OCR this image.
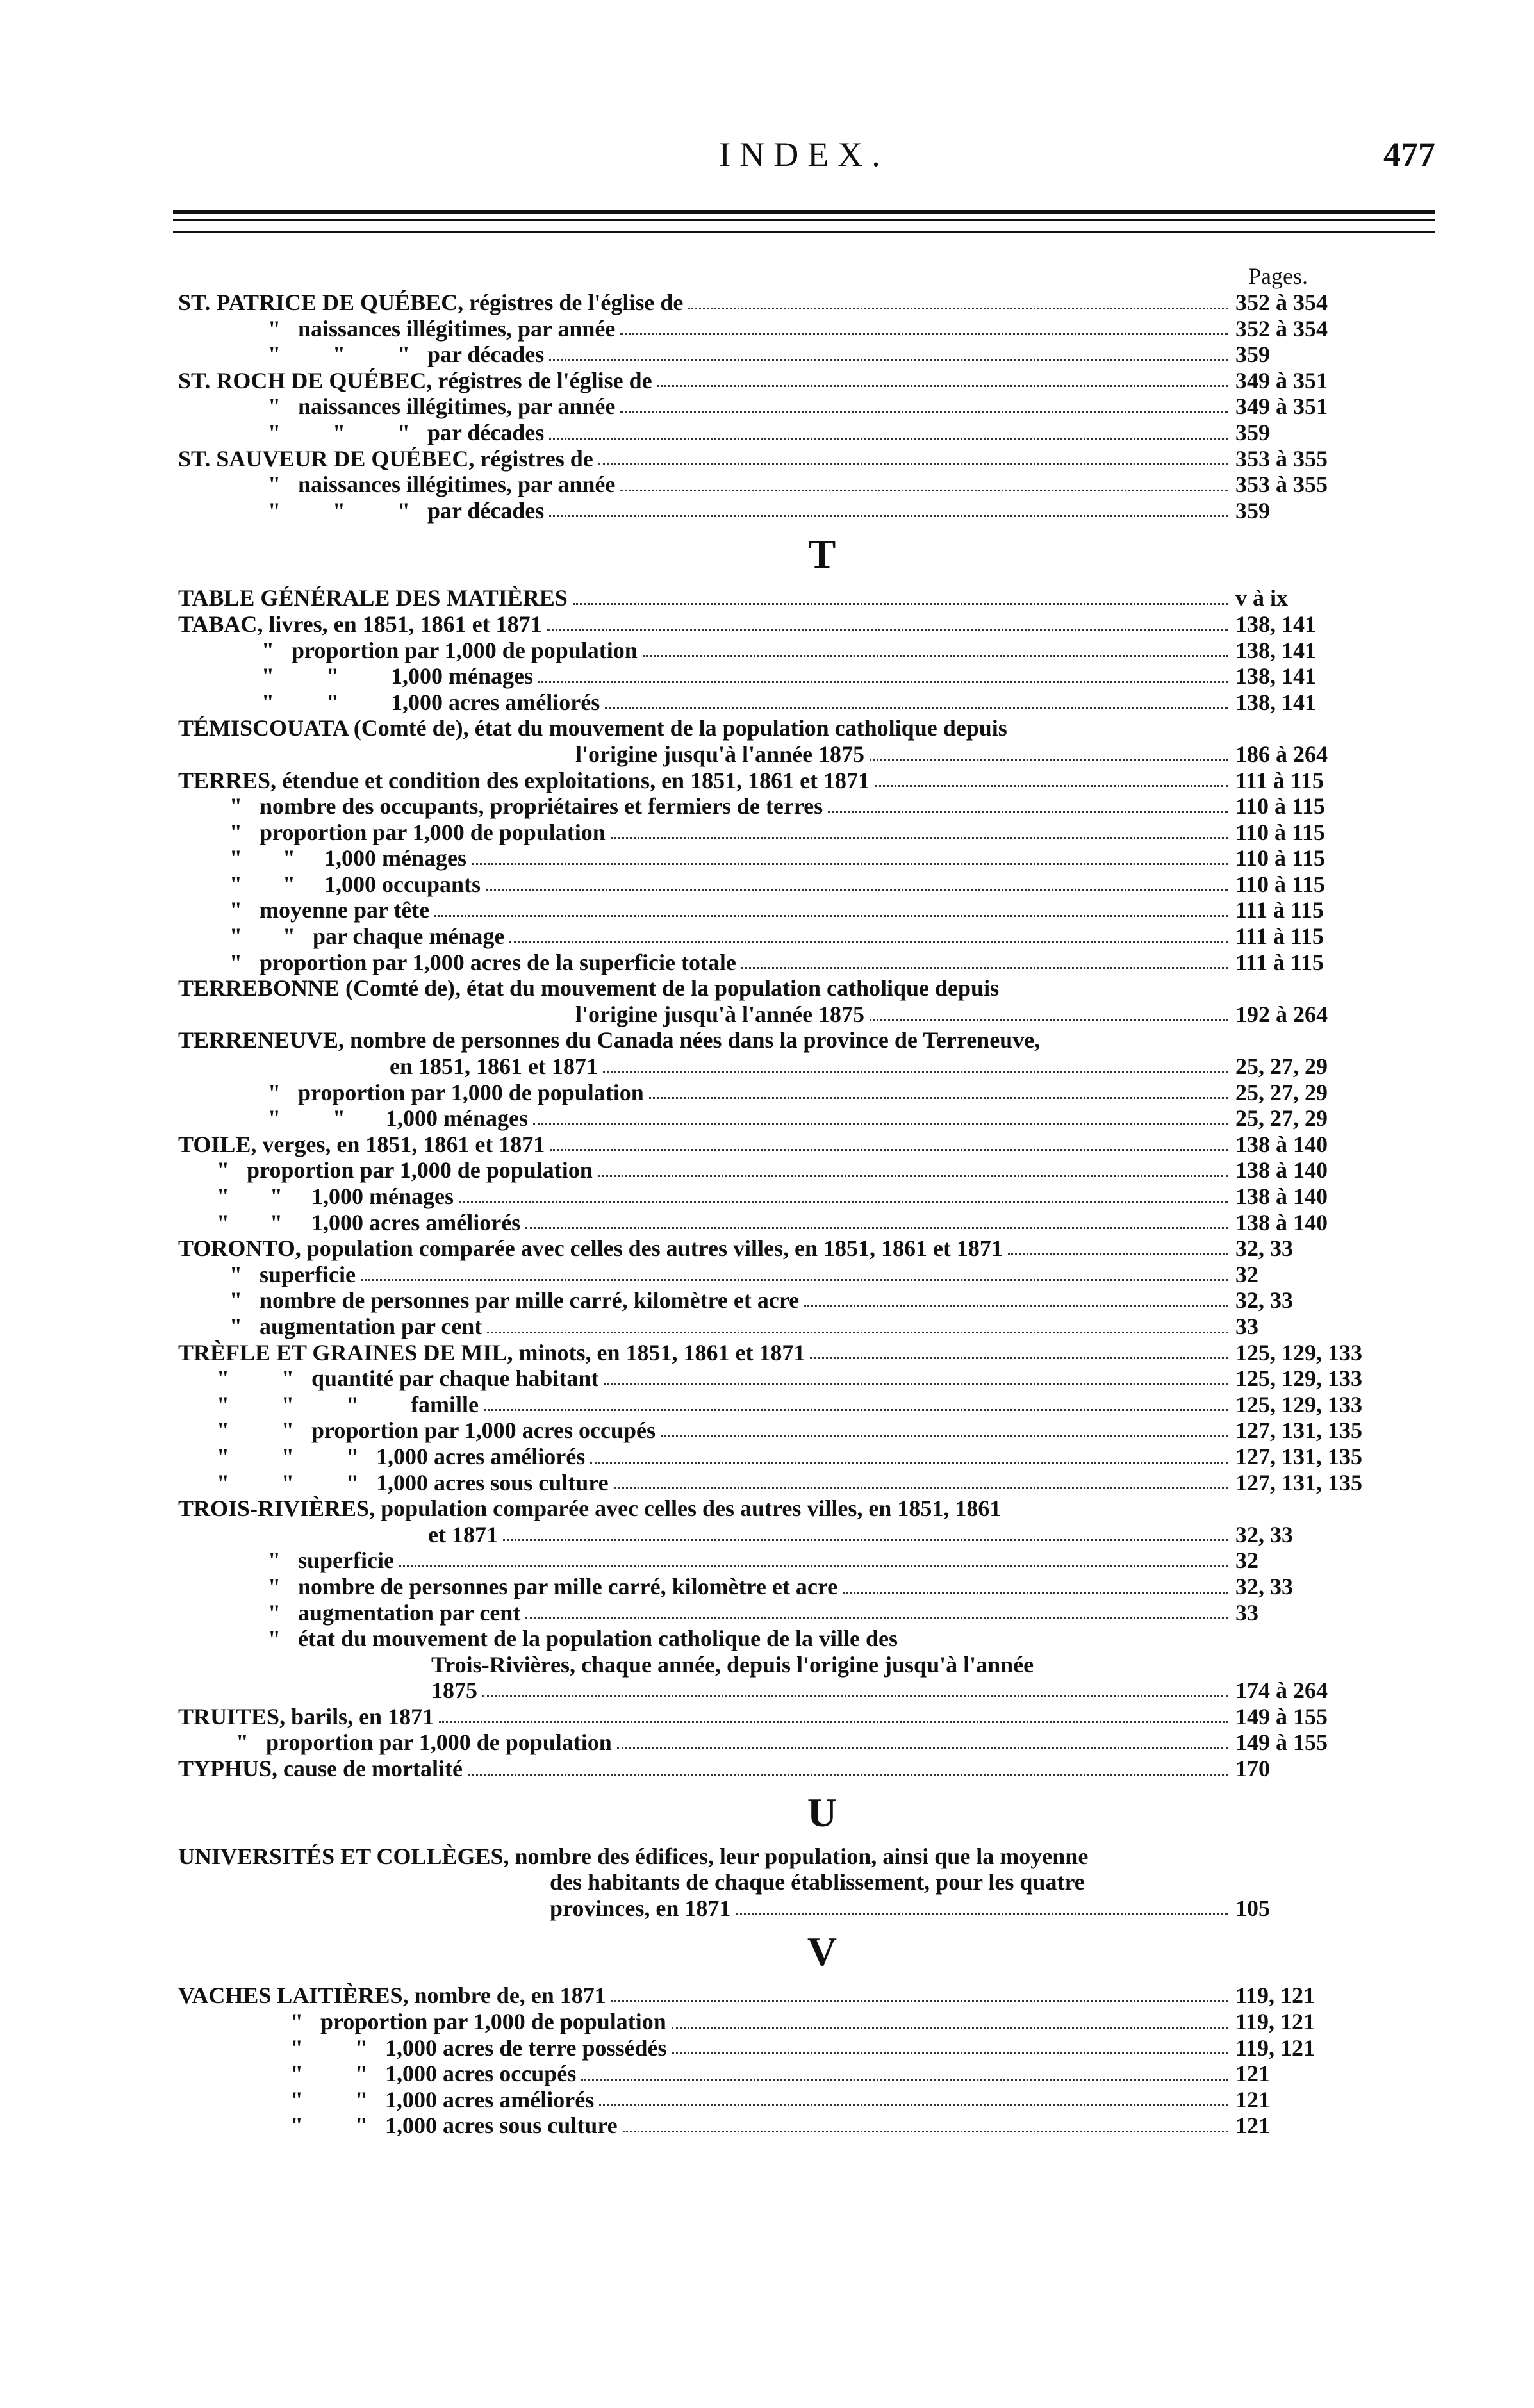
INDEX.	477
Pages.
ST. PATRICE DE QUÉBEC, régistres de l'église de	352 à 354
"   naissances illégitimes, par année	352 à 354
"         "         "   par décades	359
ST. ROCH DE QUÉBEC, régistres de l'église de	349 à 351
"   naissances illégitimes, par année	349 à 351
"         "         "   par décades	359
ST. SAUVEUR DE QUÉBEC, régistres de	353 à 355
"   naissances illégitimes, par année	353 à 355
"         "         "   par décades	359
T
TABLE GÉNÉRALE DES MATIÈRES	v à ix
TABAC, livres, en 1851, 1861 et 1871	138, 141
"   proportion par 1,000 de population	138, 141
"         "         1,000 ménages	138, 141
"         "         1,000 acres améliorés	138, 141
TÉMISCOUATA (Comté de), état du mouvement de la population catholique depuis
l'origine jusqu'à l'année 1875	186 à 264
TERRES, étendue et condition des exploitations, en 1851, 1861 et 1871	111 à 115
"   nombre des occupants, propriétaires et fermiers de terres	110 à 115
"   proportion par 1,000 de population	110 à 115
"       "     1,000 ménages	110 à 115
"       "     1,000 occupants	110 à 115
"   moyenne par tête	111 à 115
"       "   par chaque ménage	111 à 115
"   proportion par 1,000 acres de la superficie totale	111 à 115
TERREBONNE (Comté de), état du mouvement de la population catholique depuis
l'origine jusqu'à l'année 1875	192 à 264
TERRENEUVE, nombre de personnes du Canada nées dans la province de Terreneuve,
en 1851, 1861 et 1871	25, 27, 29
"   proportion par 1,000 de population	25, 27, 29
"         "       1,000 ménages	25, 27, 29
TOILE, verges, en 1851, 1861 et 1871	138 à 140
"   proportion par 1,000 de population	138 à 140
"       "     1,000 ménages	138 à 140
"       "     1,000 acres améliorés	138 à 140
TORONTO, population comparée avec celles des autres villes, en 1851, 1861 et 1871	32, 33
"   superficie	32
"   nombre de personnes par mille carré, kilomètre et acre	32, 33
"   augmentation par cent	33
TRÈFLE ET GRAINES DE MIL, minots, en 1851, 1861 et 1871	125, 129, 133
"         "   quantité par chaque habitant	125, 129, 133
"         "         "         famille	125, 129, 133
"         "   proportion par 1,000 acres occupés	127, 131, 135
"         "         "   1,000 acres améliorés	127, 131, 135
"         "         "   1,000 acres sous culture	127, 131, 135
TROIS-RIVIÈRES, population comparée avec celles des autres villes, en 1851, 1861
et 1871	32, 33
"   superficie	32
"   nombre de personnes par mille carré, kilomètre et acre	32, 33
"   augmentation par cent	33
"   état du mouvement de la population catholique de la ville des
Trois-Rivières, chaque année, depuis l'origine jusqu'à l'année
1875	174 à 264
TRUITES, barils, en 1871	149 à 155
"   proportion par 1,000 de population	149 à 155
TYPHUS, cause de mortalité	170
U
UNIVERSITÉS ET COLLÈGES, nombre des édifices, leur population, ainsi que la moyenne
des habitants de chaque établissement, pour les quatre
provinces, en 1871	105
V
VACHES LAITIÈRES, nombre de, en 1871	119, 121
"   proportion par 1,000 de population	119, 121
"         "   1,000 acres de terre possédés	119, 121
"         "   1,000 acres occupés	121
"         "   1,000 acres améliorés	121
"         "   1,000 acres sous culture	121
